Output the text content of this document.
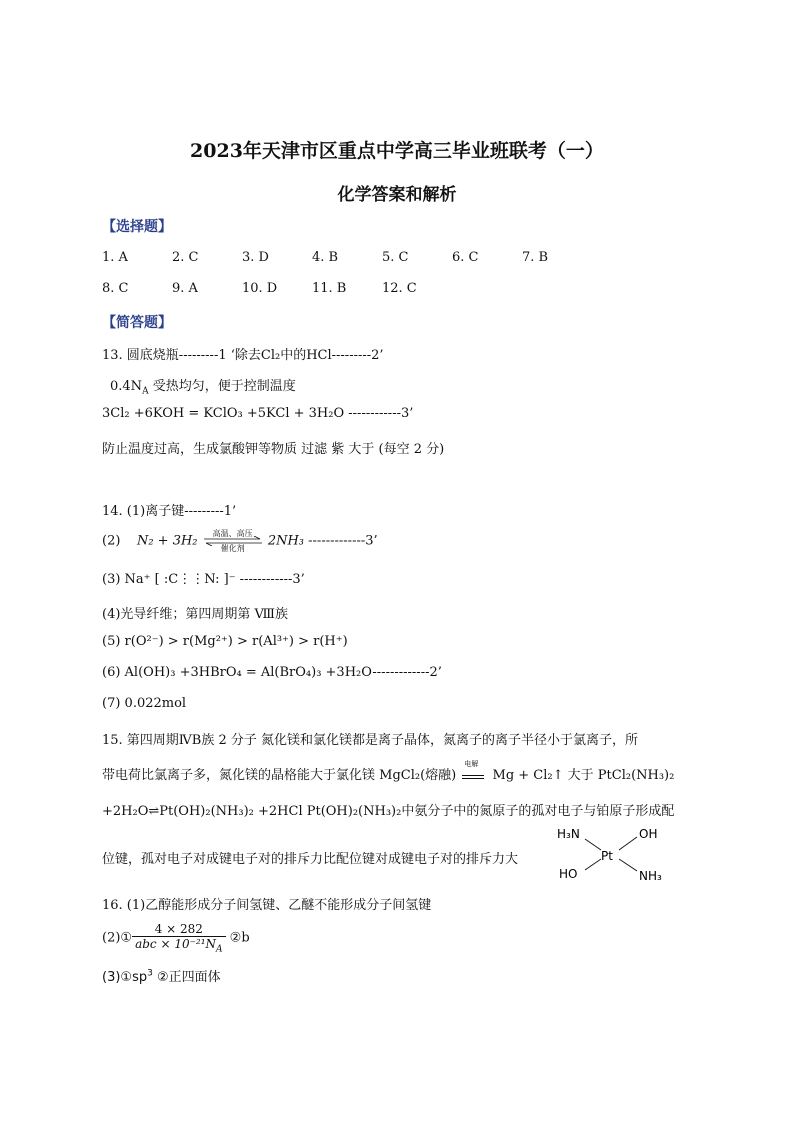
2023年天津市区重点中学高三毕业班联考（一）
化学答案和解析
【选择题】
1. A	2. C	3. D	4. B	5. C	6. C	7. B
8. C	9. A	10. D	11. B	12. C
【简答题】
13. 圆底烧瓶---------1 ‘除去Cl₂中的HCl---------2’
$0.4N_A$ 受热均匀，便于控制温度
3Cl₂ +6KOH = KClO₃ +5KCl + 3H₂O ------------3’
防止温度过高，生成氯酸钾等物质 过滤 紫 大于 (每空 2 分)
14. (1)离子键---------1’
(2) N₂ + 3H₂	高温、高压
催化剂	2NH₃ -------------3’
(3) Na⁺ [ :C⋮⋮N: ]⁻ ------------3’
(4)光导纤维；第四周期第 Ⅷ族
(5) r(O²⁻) > r(Mg²⁺) > r(Al³⁺) > r(H⁺)
(6) Al(OH)₃ +3HBrO₄ = Al(BrO₄)₃ +3H₂O-------------2’
(7) 0.022mol
15. 第四周期ⅣB族 2 分子 氮化镁和氯化镁都是离子晶体，氮离子的离子半径小于氯离子，所
带电荷比氯离子多，氮化镁的晶格能大于氯化镁 MgCl₂(熔融)
电解
Mg + Cl₂↑ 大于 PtCl₂(NH₃)₂
+2H₂O⇌Pt(OH)₂(NH₃)₂ +2HCl Pt(OH)₂(NH₃)₂中氨分子中的氮原子的孤对电子与铂原子形成配
位键，孤对电子对成键电子对的排斥力比配位键对成键电子对的排斥力大
H₃N	OH
Pt
HO	NH₃
16. (1)乙醇能形成分子间氢键、乙醚不能形成分子间氢键
(2)① $\frac{4 \times 282}{abc \times 10^{-21}N_A}$ ②b
$(3)①sp^3$ ②正四面体
